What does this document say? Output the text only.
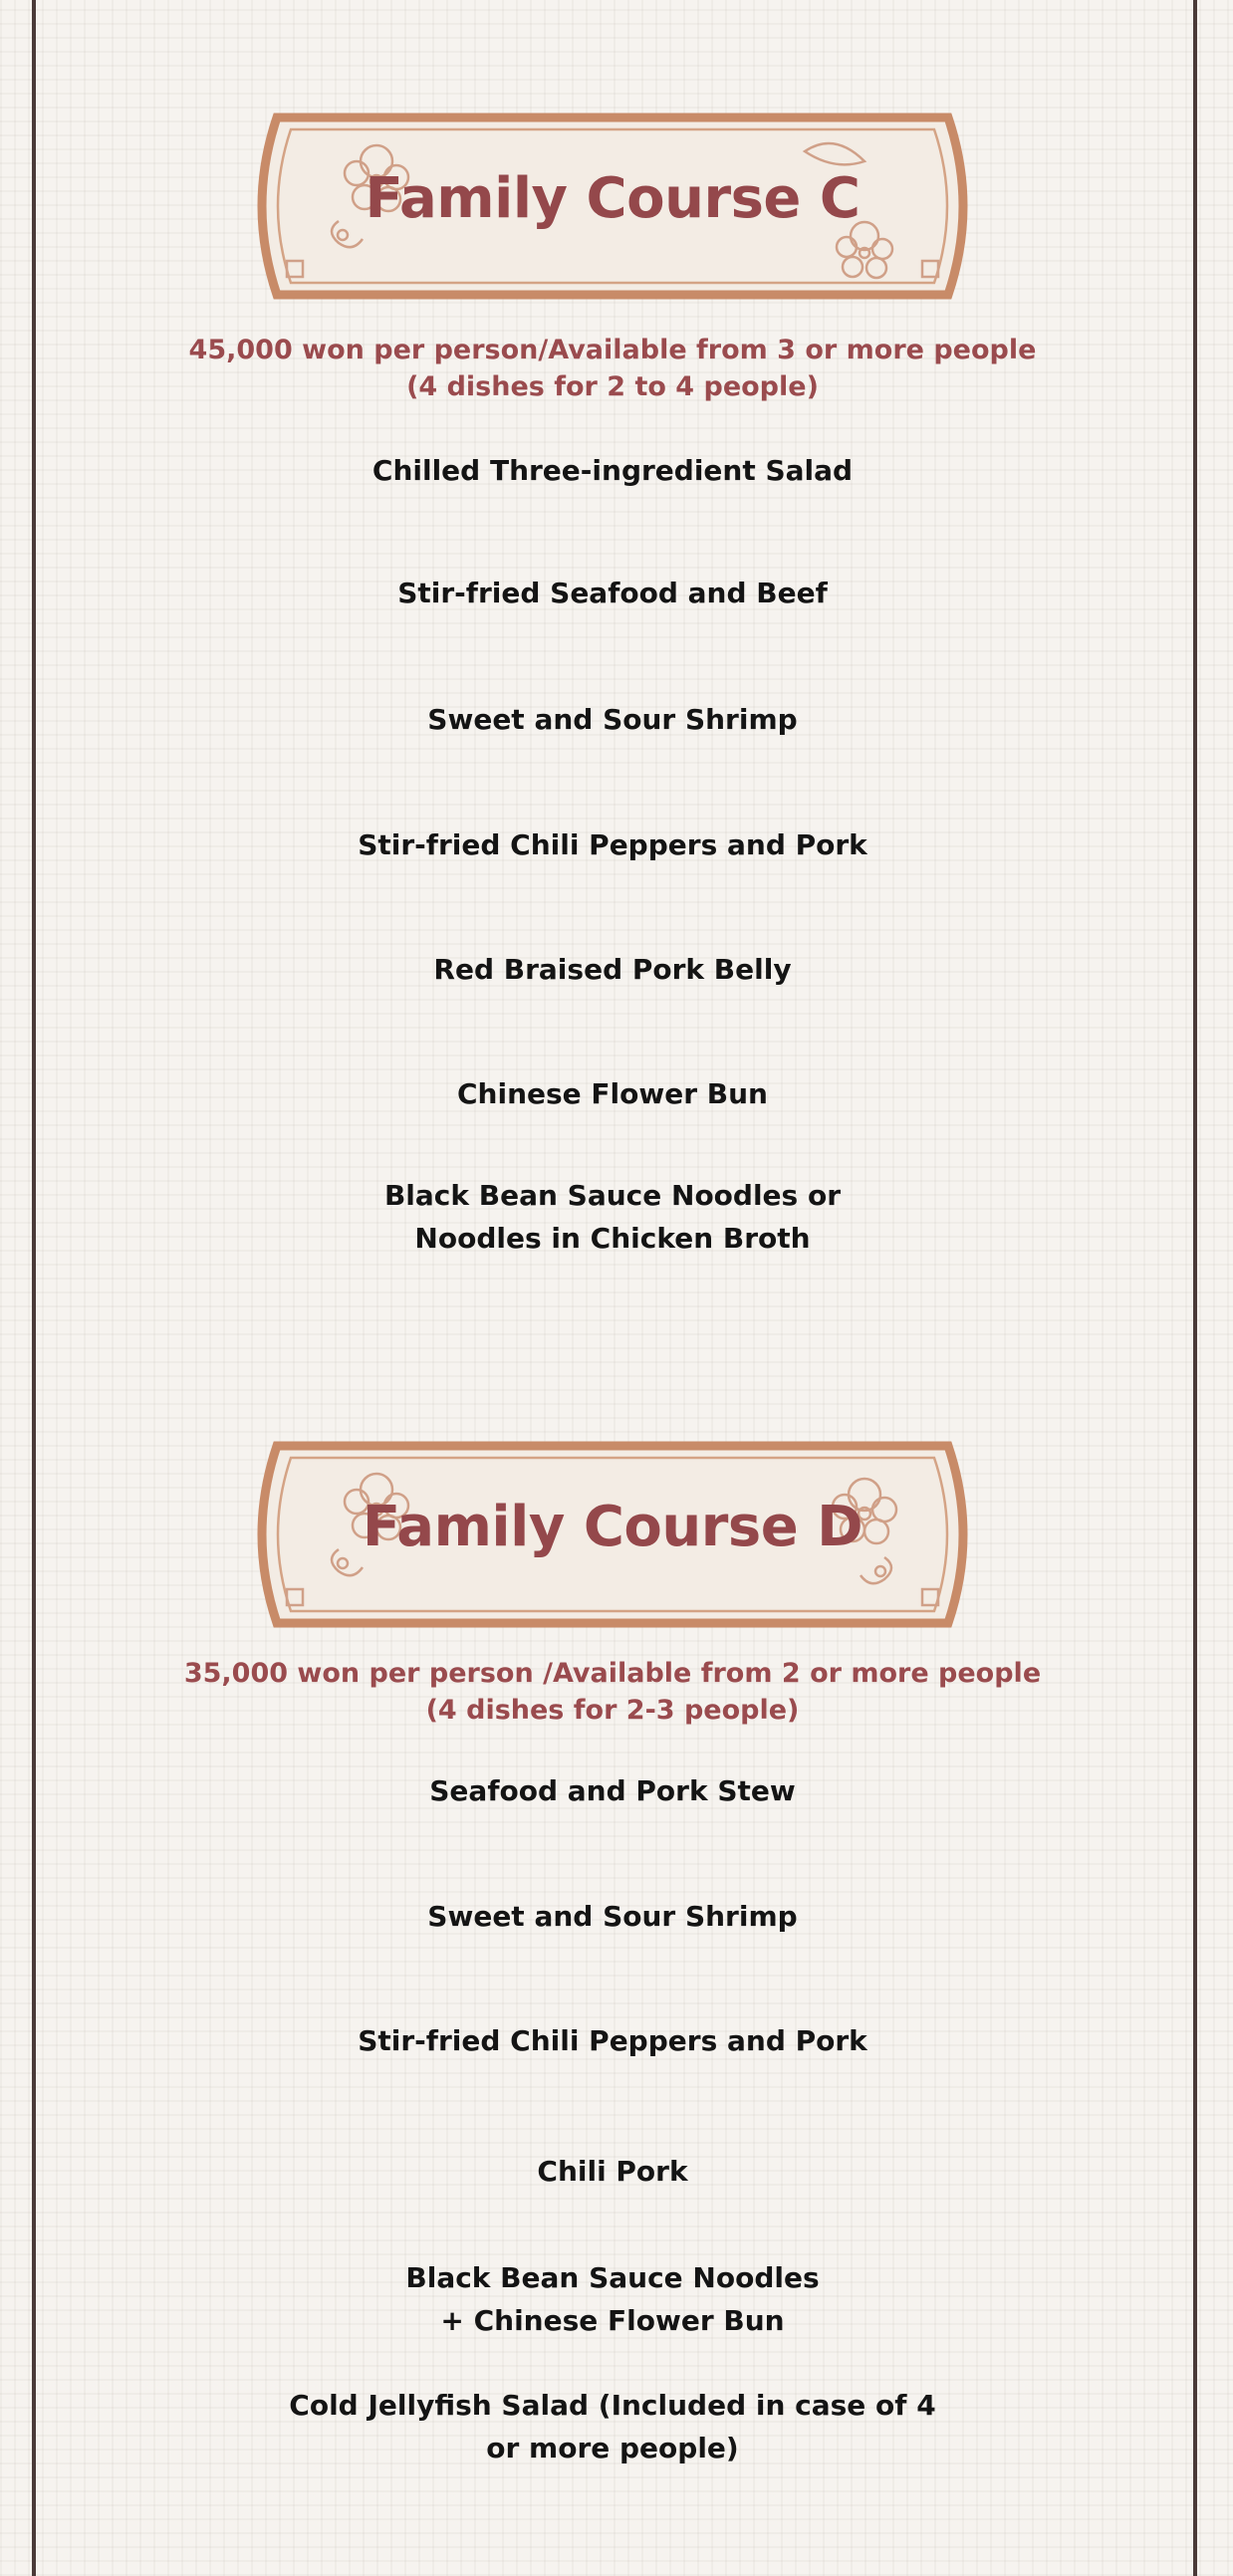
Family Course C
45,000 won per person/Available from 3 or more people
(4 dishes for 2 to 4 people)
Chilled Three-ingredient Salad
Stir-fried Seafood and Beef
Sweet and Sour Shrimp
Stir-fried Chili Peppers and Pork
Red Braised Pork Belly
Chinese Flower Bun
Black Bean Sauce Noodles or
Noodles in Chicken Broth
Family Course D
35,000 won per person /Available from 2 or more people
(4 dishes for 2-3 people)
Seafood and Pork Stew
Sweet and Sour Shrimp
Stir-fried Chili Peppers and Pork
Chili Pork
Black Bean Sauce Noodles
+ Chinese Flower Bun
Cold Jellyfish Salad (Included in case of 4
or more people)
